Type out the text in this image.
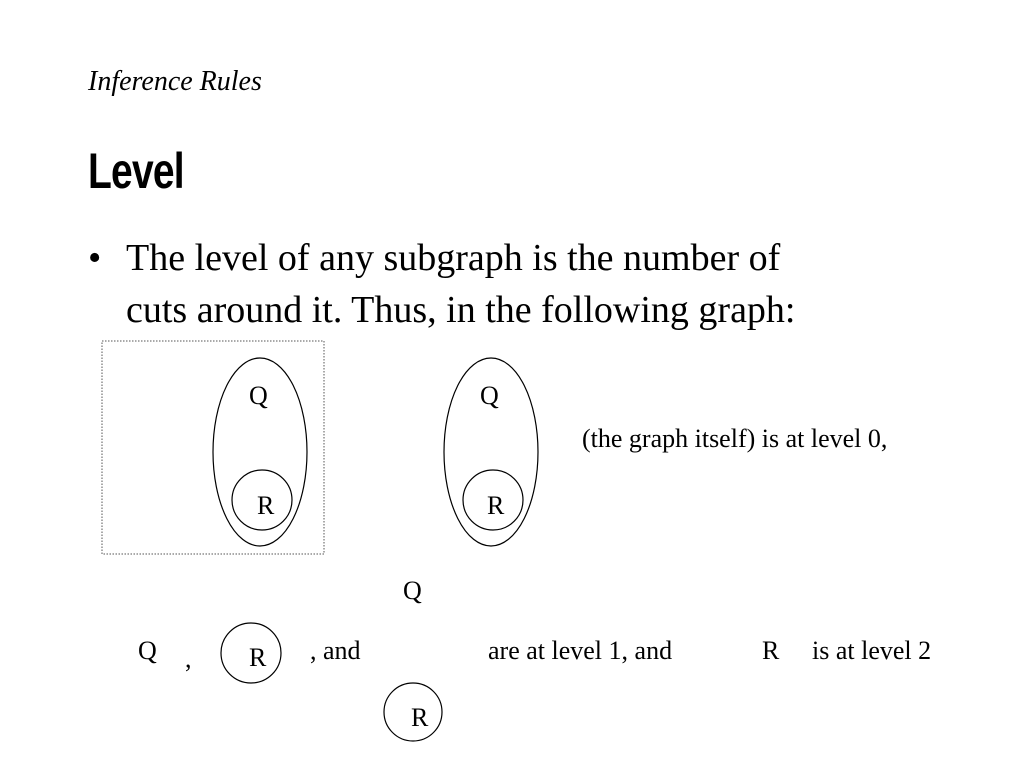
Inference Rules
Level
• The level of any subgraph is the number of
cuts around it. Thus, in the following graph:
Q
R
Q
R
(the graph itself) is at level 0,
Q , R , and
Q
R
are at level 1, and	R is at level 2
